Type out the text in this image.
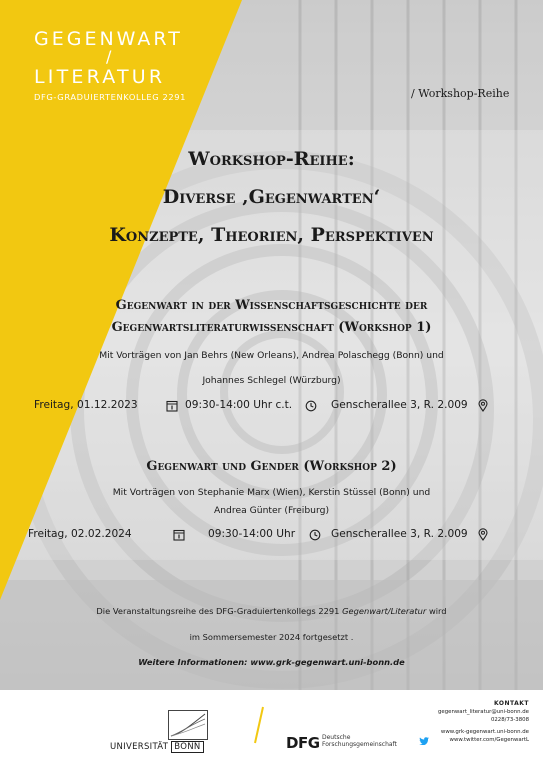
GEGENWART
/
LITERATUR
DFG-GRADUIERTENKOLLEG 2291	/ Workshop-Reihe
Workshop-Reihe:
Diverse ‚Gegenwarten‘
Konzepte, Theorien, Perspektiven
Gegenwart in der Wissenschaftsgeschichte der
Gegenwartsliteraturwissenschaft (Workshop 1)
Mit Vorträgen von Jan Behrs (New Orleans), Andrea Polaschegg (Bonn) und
Johannes Schlegel (Würzburg)
Freitag, 01.12.2023	09:30-14:00 Uhr c.t.	Genscherallee 3, R. 2.009
Gegenwart und Gender (Workshop 2)
Mit Vorträgen von Stephanie Marx (Wien), Kerstin Stüssel (Bonn) und
Andrea Günter (Freiburg)
Freitag, 02.02.2024	09:30-14:00 Uhr	Genscherallee 3, R. 2.009
Die Veranstaltungsreihe des DFG-Graduiertenkollegs 2291 Gegenwart/Literatur wird
im Sommersemester 2024 fortgesetzt .
Weitere Informationen: www.grk-gegenwart.uni-bonn.de
UNIVERSITÄT BONN	DFG Deutsche
Forschungsgemeinschaft
KONTAKT
gegenwart_literatur@uni-bonn.de
0228/73-3808
www.grk-gegenwart.uni-bonn.de
www.twitter.com/GegenwartL
